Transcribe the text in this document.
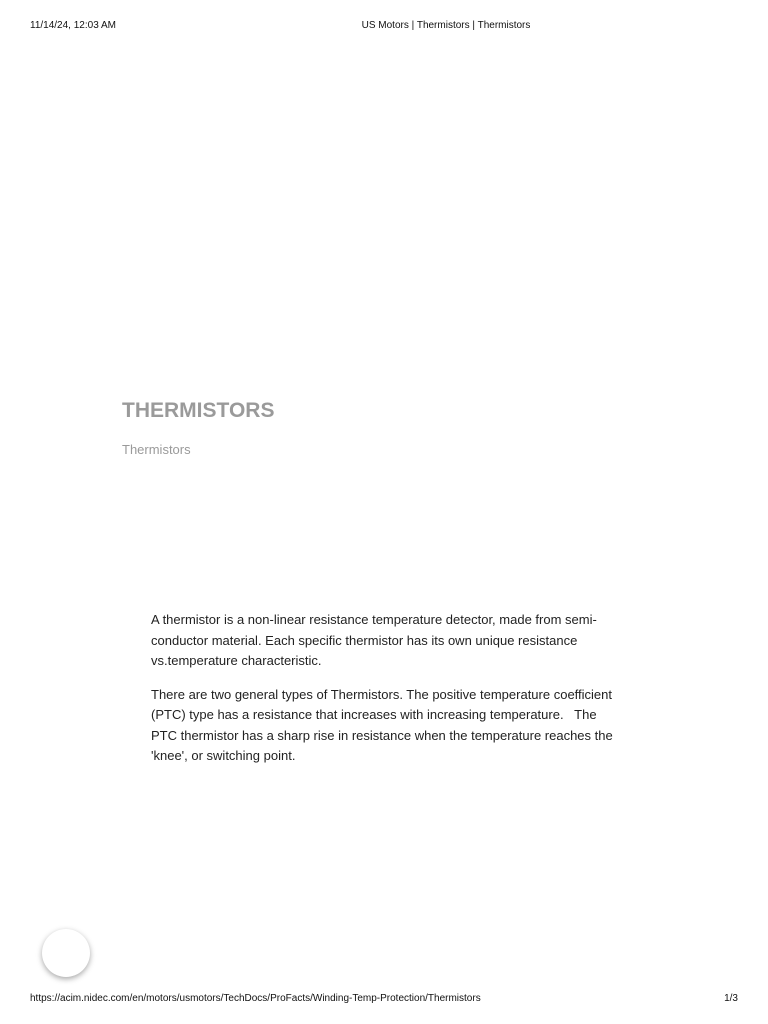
11/14/24, 12:03 AM	US Motors | Thermistors | Thermistors
THERMISTORS
Thermistors

A thermistor is a non-linear resistance temperature detector, made from semi-conductor material. Each specific thermistor has its own unique resistance vs.temperature characteristic.

There are two general types of Thermistors. The positive temperature coefficient (PTC) type has a resistance that increases with increasing temperature.   The PTC thermistor has a sharp rise in resistance when the temperature reaches the 'knee', or switching point.

https://acim.nidec.com/en/motors/usmotors/TechDocs/ProFacts/Winding-Temp-Protection/Thermistors	1/3
